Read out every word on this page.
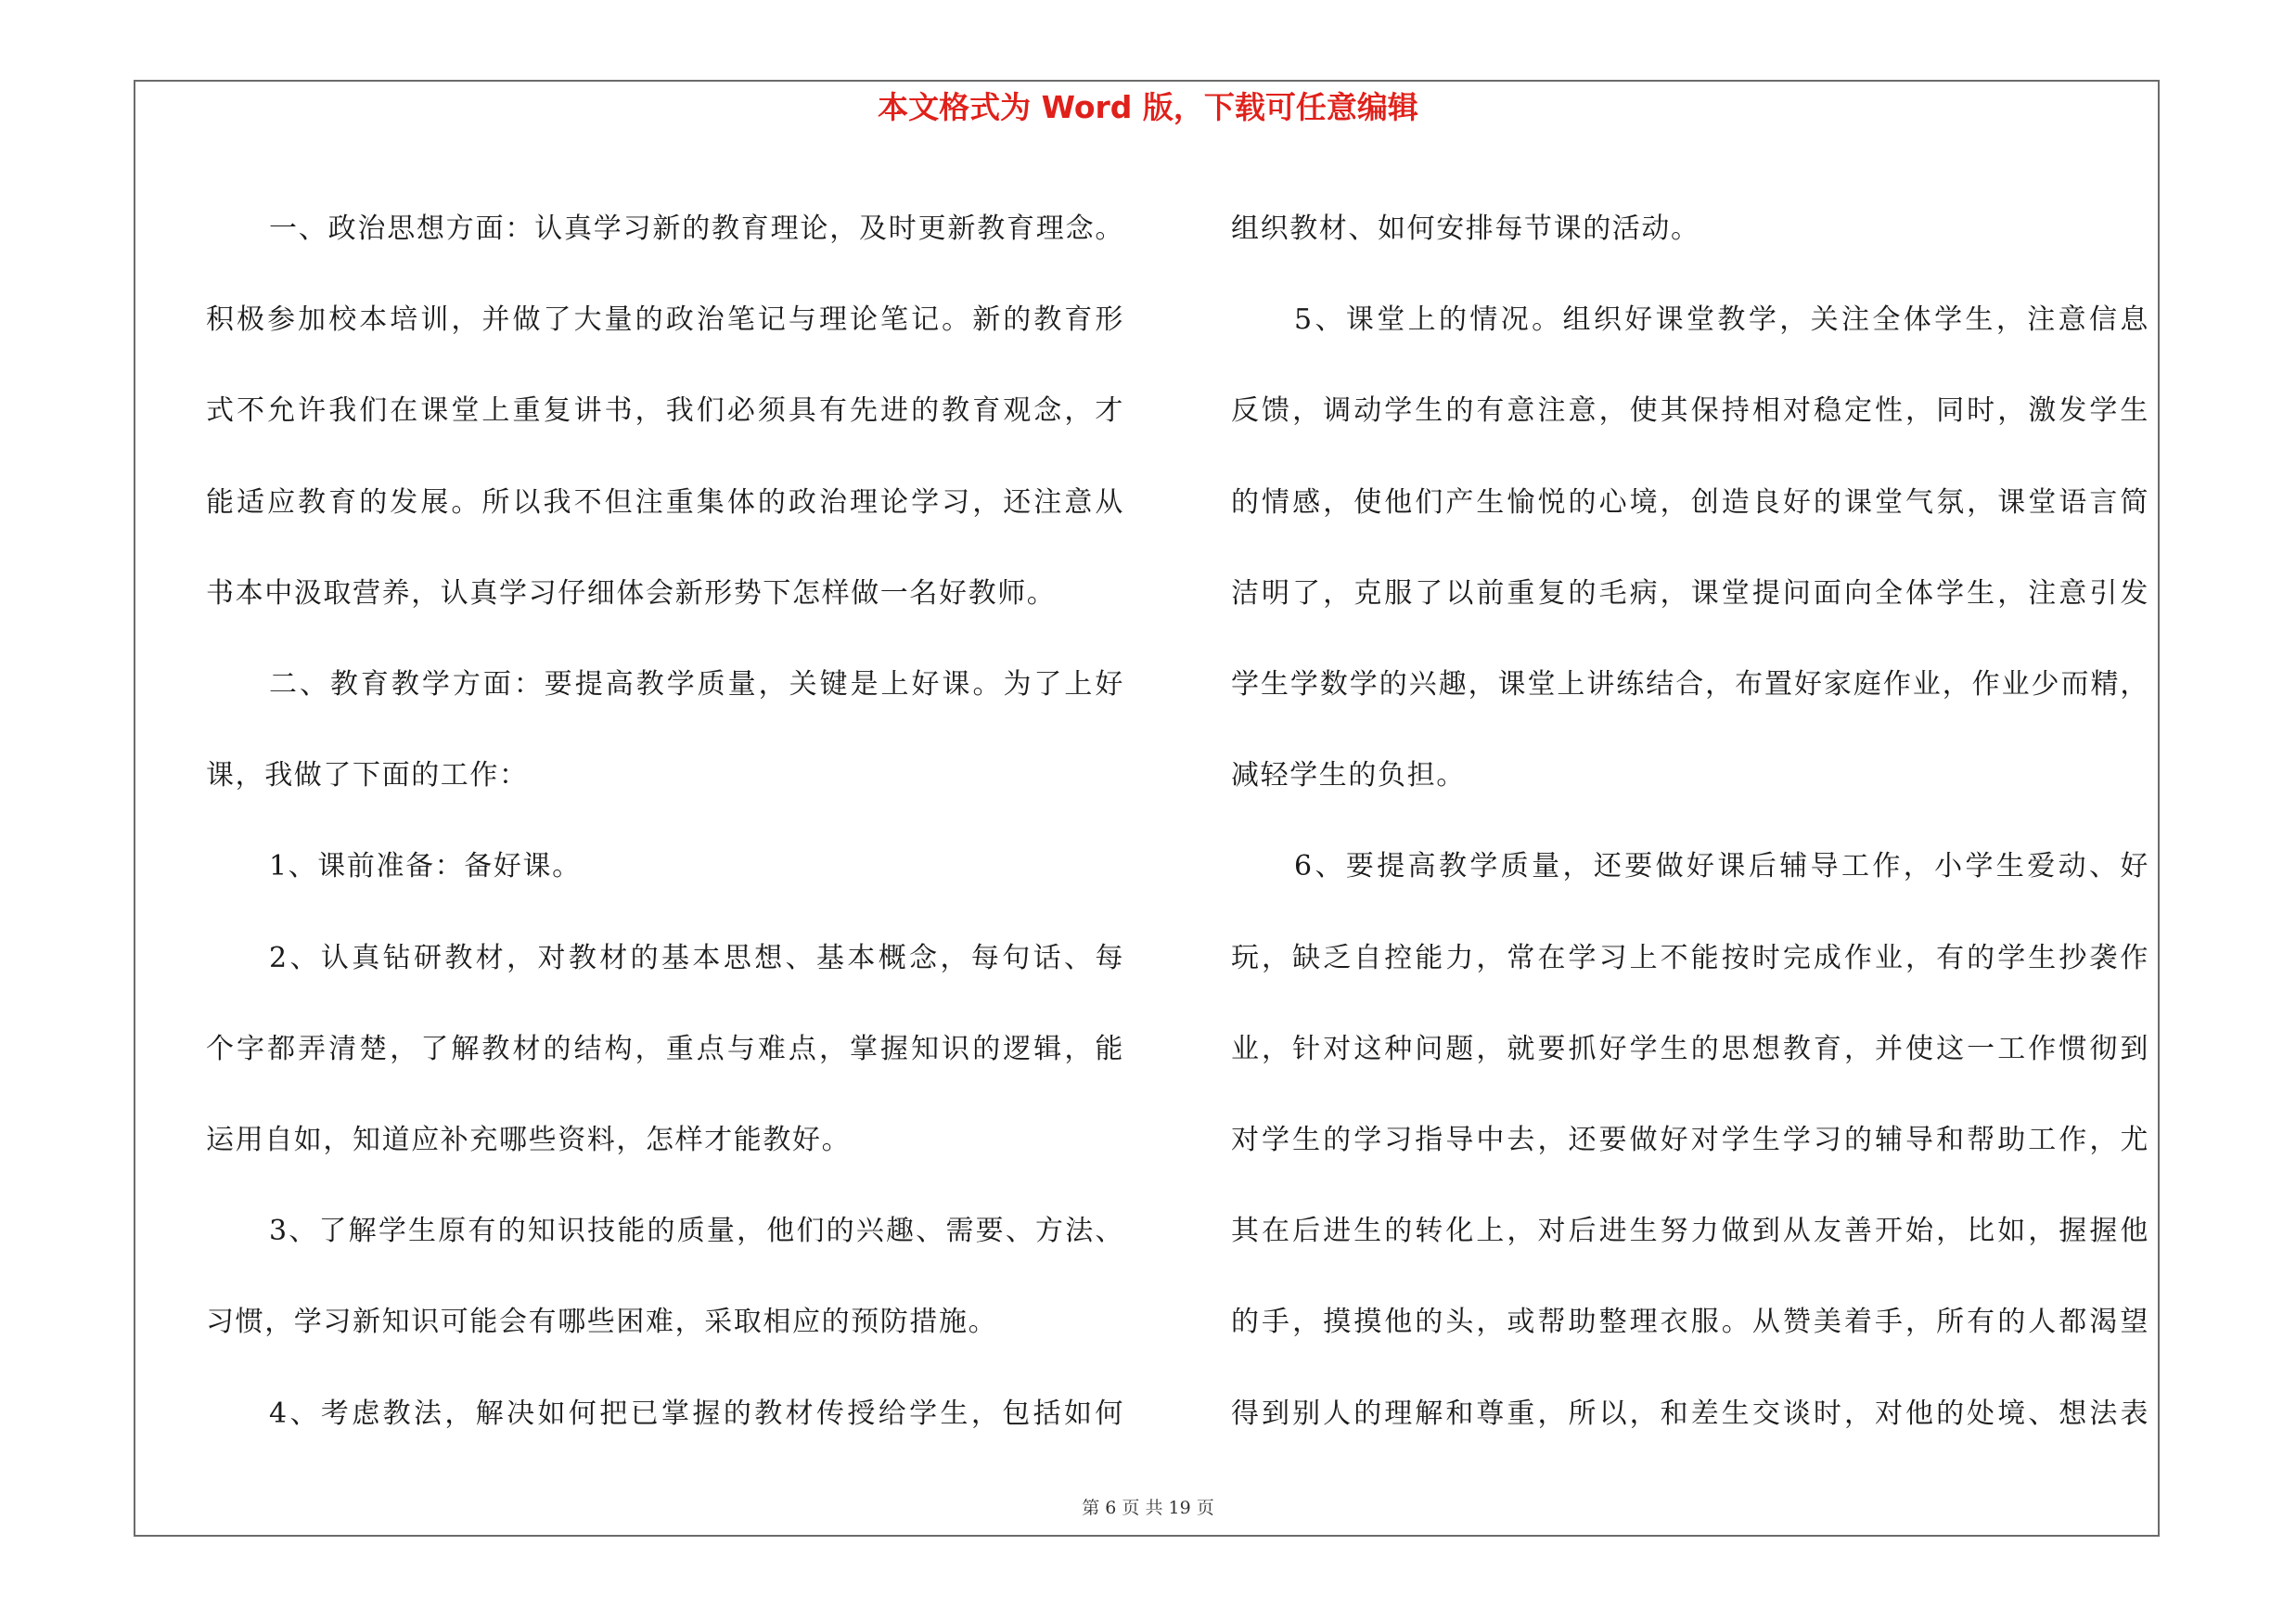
本文格式为 Word 版，下载可任意编辑
一、政治思想方面：认真学习新的教育理论，及时更新教育理念。
积极参加校本培训，并做了大量的政治笔记与理论笔记。新的教育形
式不允许我们在课堂上重复讲书，我们必须具有先进的教育观念，才
能适应教育的发展。所以我不但注重集体的政治理论学习，还注意从
书本中汲取营养，认真学习仔细体会新形势下怎样做一名好教师。
二、教育教学方面：要提高教学质量，关键是上好课。为了上好
课，我做了下面的工作：
1、课前准备：备好课。
2、认真钻研教材，对教材的基本思想、基本概念，每句话、每
个字都弄清楚，了解教材的结构，重点与难点，掌握知识的逻辑，能
运用自如，知道应补充哪些资料，怎样才能教好。
3、了解学生原有的知识技能的质量，他们的兴趣、需要、方法、
习惯，学习新知识可能会有哪些困难，采取相应的预防措施。
4、考虑教法，解决如何把已掌握的教材传授给学生，包括如何
组织教材、如何安排每节课的活动。
5、课堂上的情况。组织好课堂教学，关注全体学生，注意信息
反馈，调动学生的有意注意，使其保持相对稳定性，同时，激发学生
的情感，使他们产生愉悦的心境，创造良好的课堂气氛，课堂语言简
洁明了，克服了以前重复的毛病，课堂提问面向全体学生，注意引发
学生学数学的兴趣，课堂上讲练结合，布置好家庭作业，作业少而精，
减轻学生的负担。
6、要提高教学质量，还要做好课后辅导工作，小学生爱动、好
玩，缺乏自控能力，常在学习上不能按时完成作业，有的学生抄袭作
业，针对这种问题，就要抓好学生的思想教育，并使这一工作惯彻到
对学生的学习指导中去，还要做好对学生学习的辅导和帮助工作，尤
其在后进生的转化上，对后进生努力做到从友善开始，比如，握握他
的手，摸摸他的头，或帮助整理衣服。从赞美着手，所有的人都渴望
得到别人的理解和尊重，所以，和差生交谈时，对他的处境、想法表
第 6 页 共 19 页
